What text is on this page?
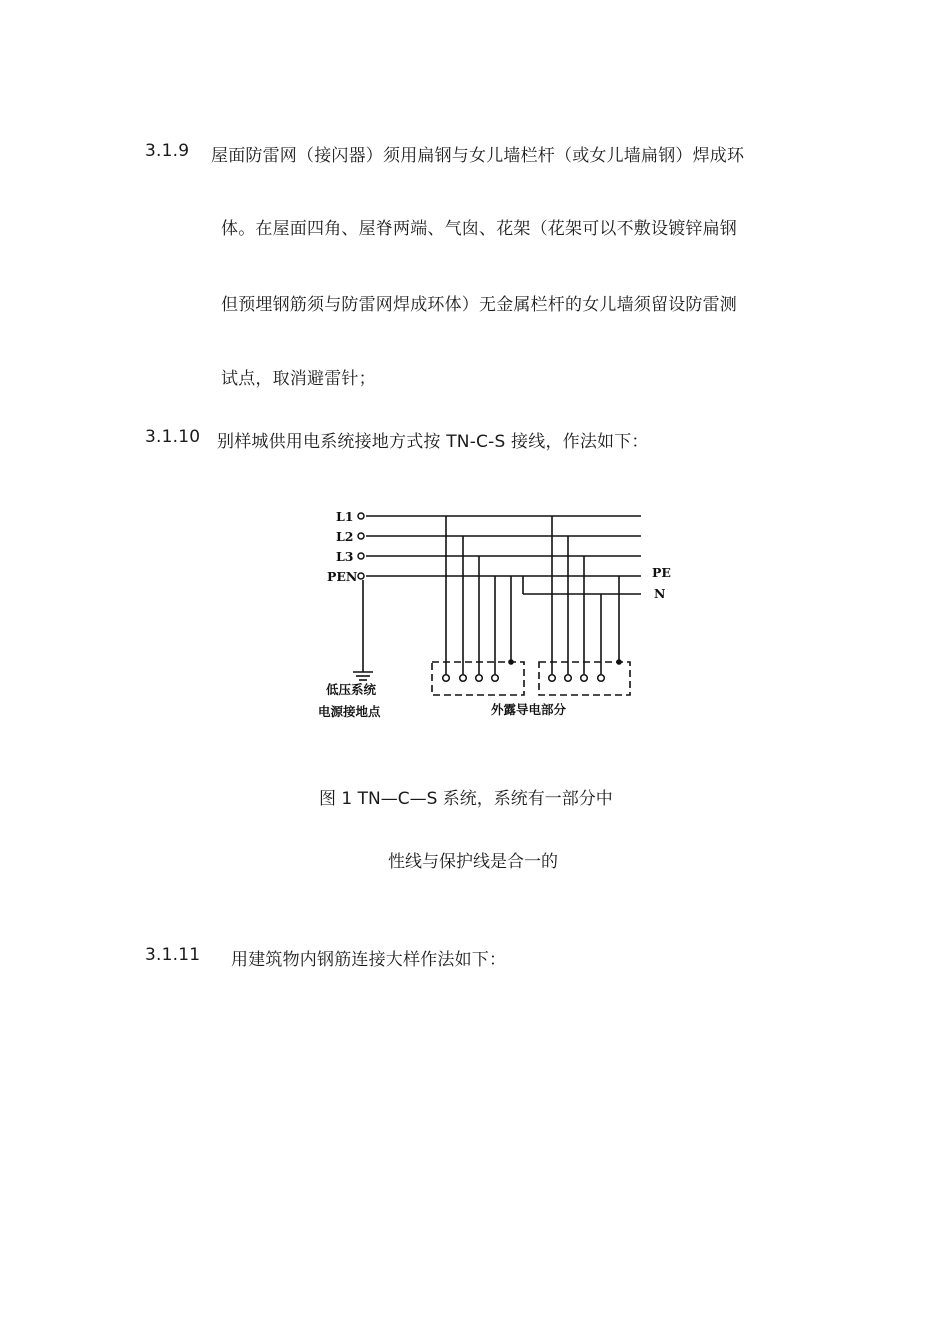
3.1.9 屋面防雷网（接闪器）须用扁钢与女儿墙栏杆（或女儿墙扁钢）焊成环
体。在屋面四角、屋脊两端、气囱、花架（花架可以不敷设镀锌扁钢
但预埋钢筋须与防雷网焊成环体）无金属栏杆的女儿墙须留设防雷测
试点，取消避雷针；
3.1.10 别样城供用电系统接地方式按 TN-C-S 接线，作法如下：
L1
L2
L3
PEN	PE
N
低压系统
电源接地点	外露导电部分
图 1 TN—C—S 系统，系统有一部分中
性线与保护线是合一的
3.1.11 用建筑物内钢筋连接大样作法如下：
